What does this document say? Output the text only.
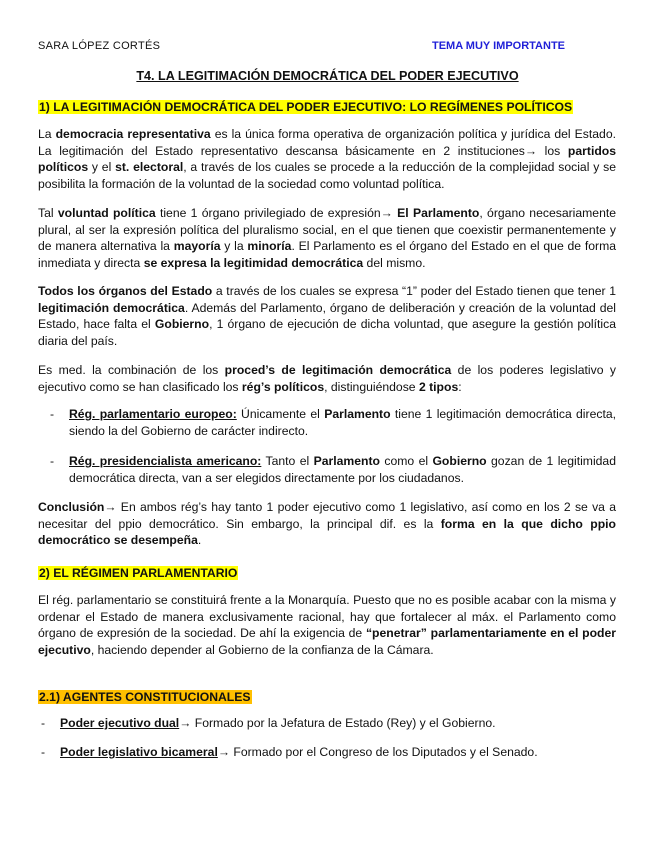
SARA LÓPEZ CORTÉS	TEMA MUY IMPORTANTE
T4. LA LEGITIMACIÓN DEMOCRÁTICA DEL PODER EJECUTIVO
1) LA LEGITIMACIÓN DEMOCRÁTICA DEL PODER EJECUTIVO: LO REGÍMENES POLÍTICOS
La democracia representativa es la única forma operativa de organización política y jurídica del Estado. La legitimación del Estado representativo descansa básicamente en 2 instituciones→ los partidos políticos y el st. electoral, a través de los cuales se procede a la reducción de la complejidad social y se posibilita la formación de la voluntad de la sociedad como voluntad política.
Tal voluntad política tiene 1 órgano privilegiado de expresión→ El Parlamento, órgano necesariamente plural, al ser la expresión política del pluralismo social, en el que tienen que coexistir permanentemente y de manera alternativa la mayoría y la minoría. El Parlamento es el órgano del Estado en el que de forma inmediata y directa se expresa la legitimidad democrática del mismo.
Todos los órganos del Estado a través de los cuales se expresa “1” poder del Estado tienen que tener 1 legitimación democrática. Además del Parlamento, órgano de deliberación y creación de la voluntad del Estado, hace falta el Gobierno, 1 órgano de ejecución de dicha voluntad, que asegure la gestión política diaria del país.
Es med. la combinación de los proced’s de legitimación democrática de los poderes legislativo y ejecutivo como se han clasificado los rég’s políticos, distinguiéndose 2 tipos:
- Rég. parlamentario europeo: Únicamente el Parlamento tiene 1 legitimación democrática directa, siendo la del Gobierno de carácter indirecto.
- Rég. presidencialista americano: Tanto el Parlamento como el Gobierno gozan de 1 legitimidad democrática directa, van a ser elegidos directamente por los ciudadanos.
Conclusión→ En ambos rég’s hay tanto 1 poder ejecutivo como 1 legislativo, así como en los 2 se va a necesitar del ppio democrático. Sin embargo, la principal dif. es la forma en la que dicho ppio democrático se desempeña.
2) EL RÉGIMEN PARLAMENTARIO
El rég. parlamentario se constituirá frente a la Monarquía. Puesto que no es posible acabar con la misma y ordenar el Estado de manera exclusivamente racional, hay que fortalecer al máx. el Parlamento como órgano de expresión de la sociedad. De ahí la exigencia de “penetrar” parlamentariamente en el poder ejecutivo, haciendo depender al Gobierno de la confianza de la Cámara.
2.1) AGENTES CONSTITUCIONALES
- Poder ejecutivo dual→ Formado por la Jefatura de Estado (Rey) y el Gobierno.
- Poder legislativo bicameral→ Formado por el Congreso de los Diputados y el Senado.
